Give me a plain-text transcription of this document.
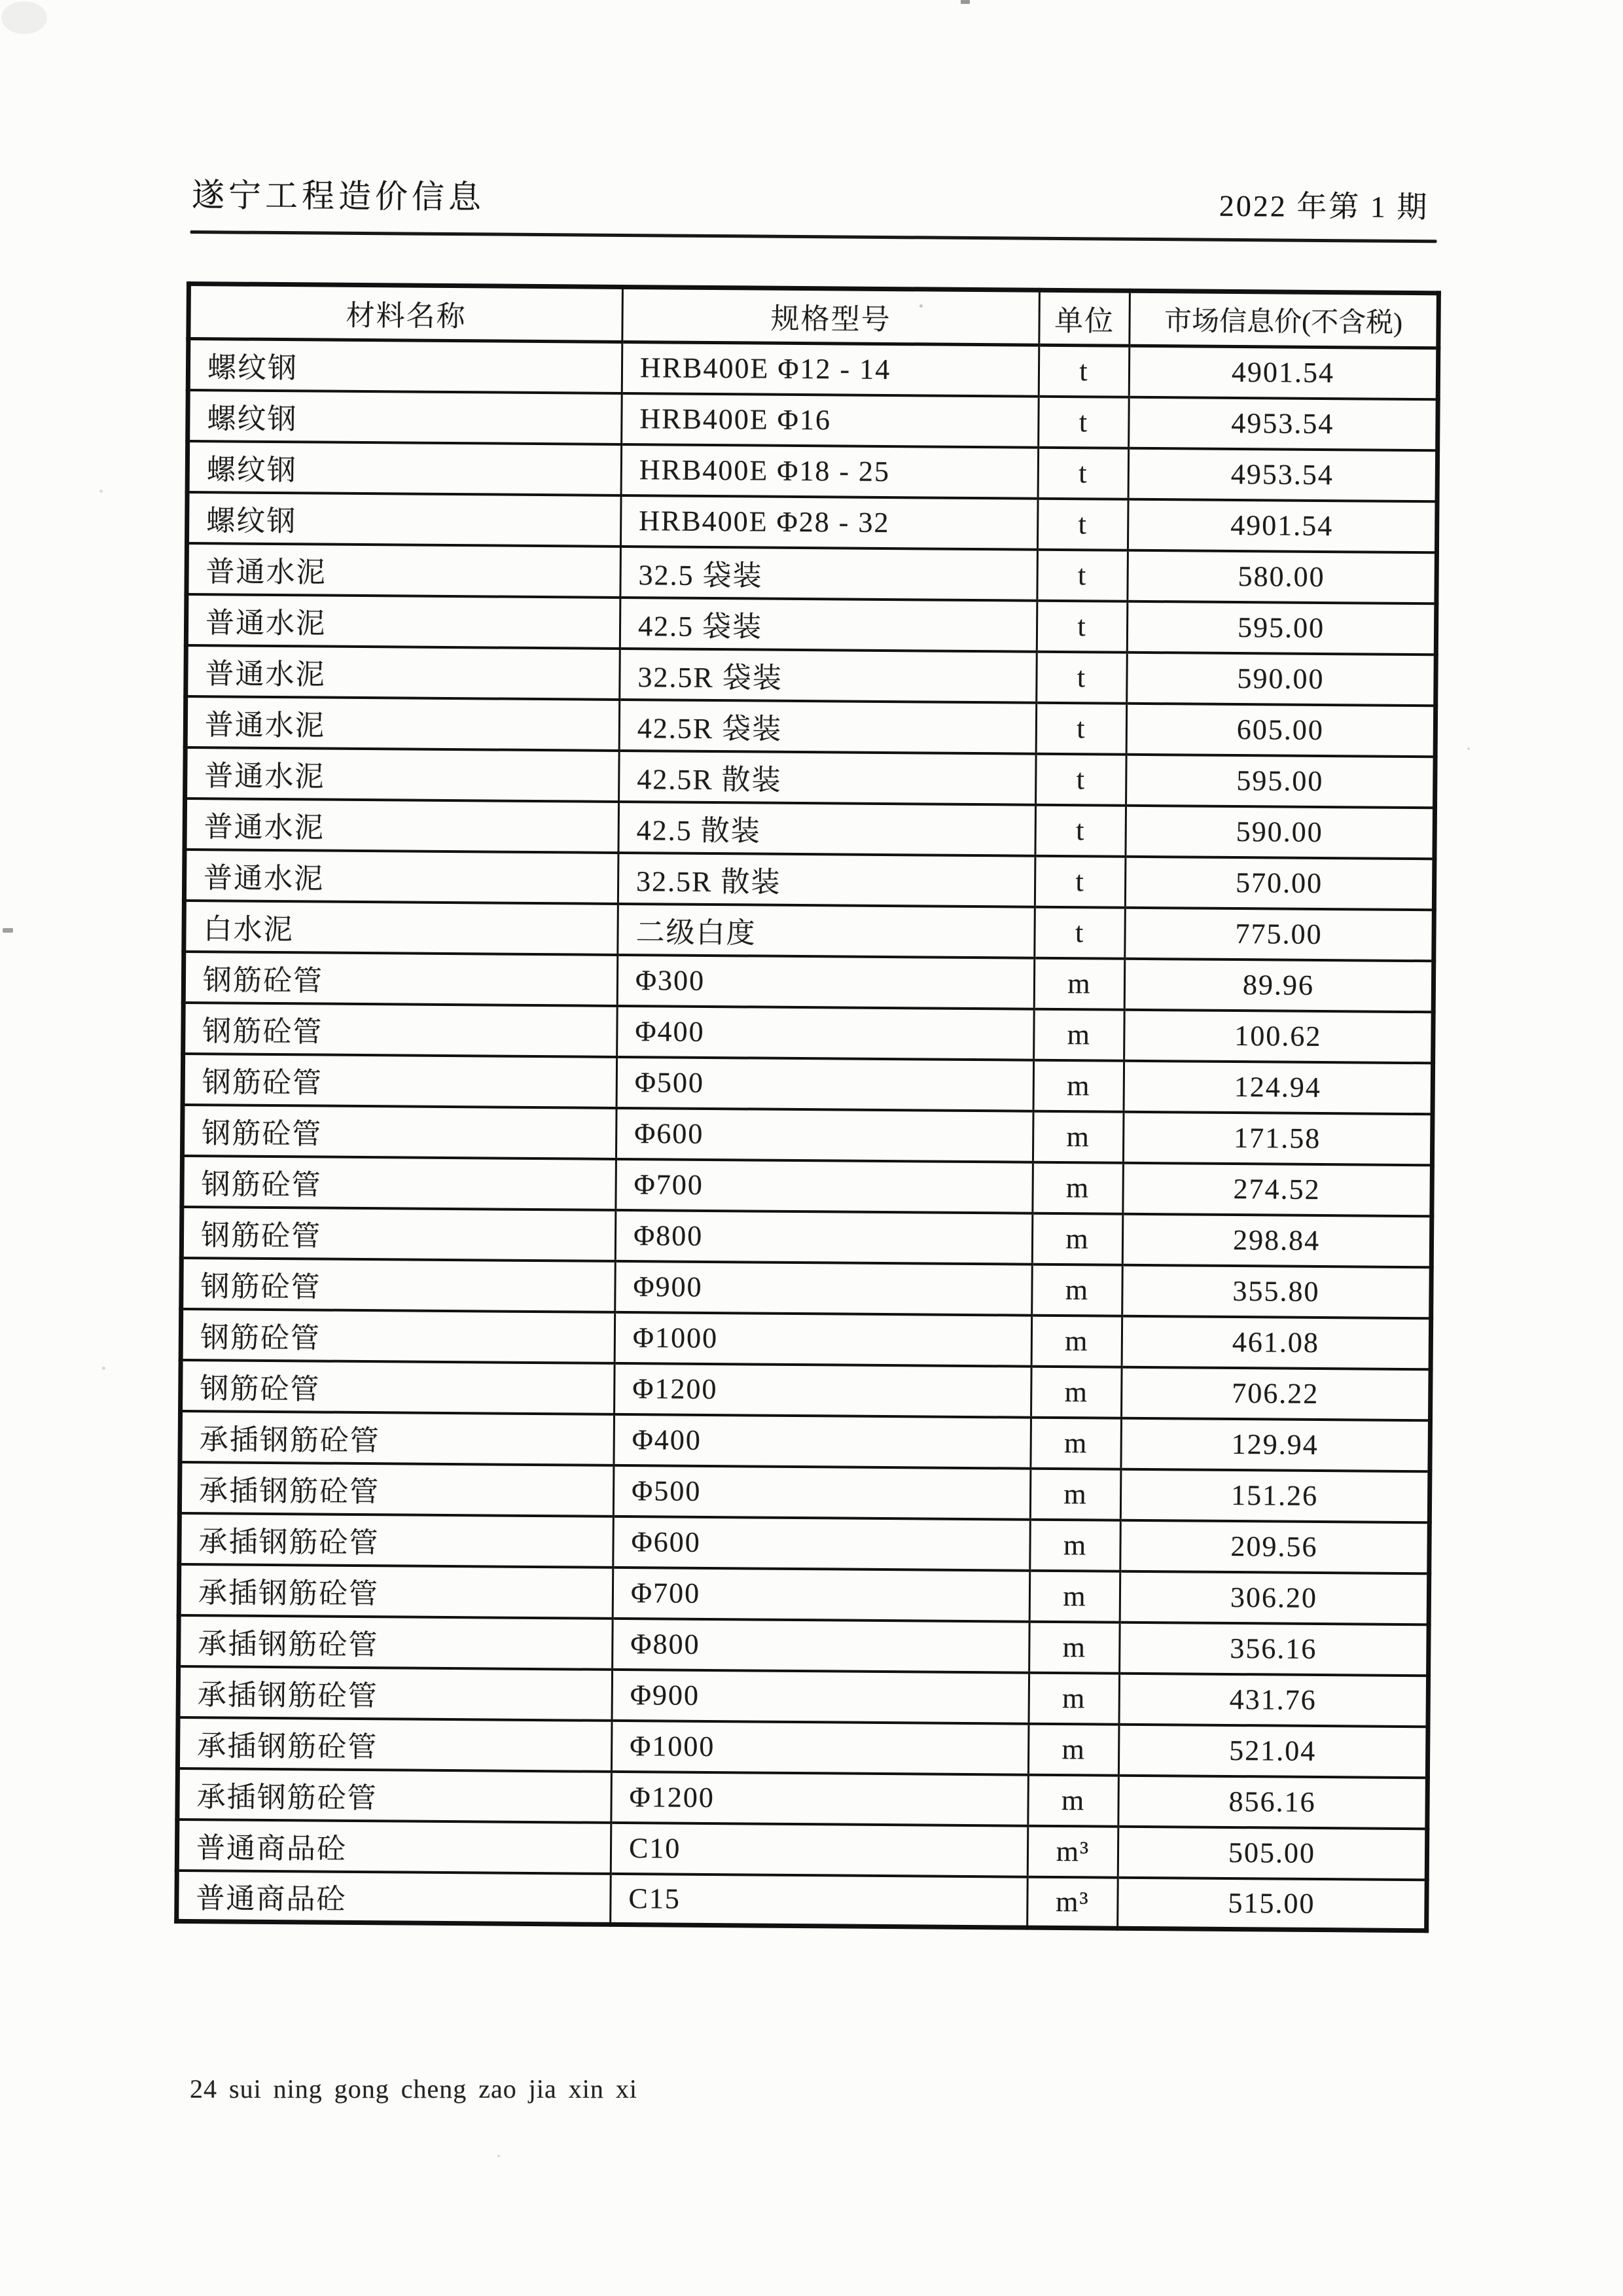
遂宁工程造价信息	2022 年第 1 期
材料名称	规格型号	单位	市场信息价(不含税)
螺纹钢	HRB400E Φ12 - 14	t	4901.54
螺纹钢	HRB400E Φ16	t	4953.54
螺纹钢	HRB400E Φ18 - 25	t	4953.54
螺纹钢	HRB400E Φ28 - 32	t	4901.54
普通水泥	32.5 袋装	t	580.00
普通水泥	42.5 袋装	t	595.00
普通水泥	32.5R 袋装	t	590.00
普通水泥	42.5R 袋装	t	605.00
普通水泥	42.5R 散装	t	595.00
普通水泥	42.5 散装	t	590.00
普通水泥	32.5R 散装	t	570.00
白水泥	二级白度	t	775.00
钢筋砼管	Φ300	m	89.96
钢筋砼管	Φ400	m	100.62
钢筋砼管	Φ500	m	124.94
钢筋砼管	Φ600	m	171.58
钢筋砼管	Φ700	m	274.52
钢筋砼管	Φ800	m	298.84
钢筋砼管	Φ900	m	355.80
钢筋砼管	Φ1000	m	461.08
钢筋砼管	Φ1200	m	706.22
承插钢筋砼管	Φ400	m	129.94
承插钢筋砼管	Φ500	m	151.26
承插钢筋砼管	Φ600	m	209.56
承插钢筋砼管	Φ700	m	306.20
承插钢筋砼管	Φ800	m	356.16
承插钢筋砼管	Φ900	m	431.76
承插钢筋砼管	Φ1000	m	521.04
承插钢筋砼管	Φ1200	m	856.16
普通商品砼	C10	m³	505.00
普通商品砼	C15	m³	515.00
24 sui ning gong cheng zao jia xin xi
